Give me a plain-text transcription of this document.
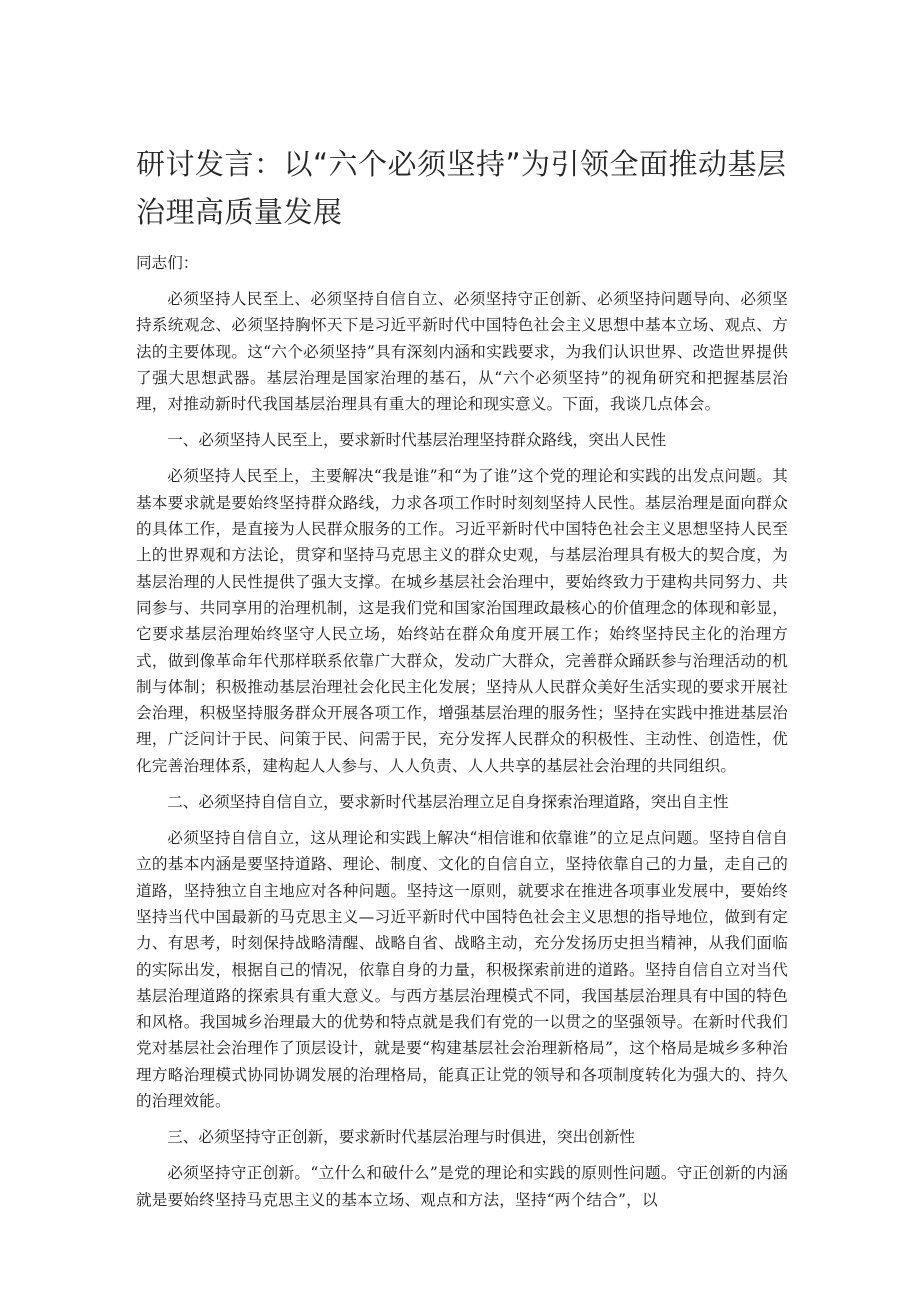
研讨发言：以“六个必须坚持”为引领全面推动基层治理高质量发展

同志们：

必须坚持人民至上、必须坚持自信自立、必须坚持守正创新、必须坚持问题导向、必须坚持系统观念、必须坚持胸怀天下是习近平新时代中国特色社会主义思想中基本立场、观点、方法的主要体现。这“六个必须坚持”具有深刻内涵和实践要求，为我们认识世界、改造世界提供了强大思想武器。基层治理是国家治理的基石，从“六个必须坚持”的视角研究和把握基层治理，对推动新时代我国基层治理具有重大的理论和现实意义。下面，我谈几点体会。

一、必须坚持人民至上，要求新时代基层治理坚持群众路线，突出人民性

必须坚持人民至上，主要解决“我是谁”和“为了谁”这个党的理论和实践的出发点问题。其基本要求就是要始终坚持群众路线，力求各项工作时时刻刻坚持人民性。基层治理是面向群众的具体工作，是直接为人民群众服务的工作。习近平新时代中国特色社会主义思想坚持人民至上的世界观和方法论，贯穿和坚持马克思主义的群众史观，与基层治理具有极大的契合度，为基层治理的人民性提供了强大支撑。在城乡基层社会治理中，要始终致力于建构共同努力、共同参与、共同享用的治理机制，这是我们党和国家治国理政最核心的价值理念的体现和彰显，它要求基层治理始终坚守人民立场，始终站在群众角度开展工作；始终坚持民主化的治理方式，做到像革命年代那样联系依靠广大群众，发动广大群众，完善群众踊跃参与治理活动的机制与体制；积极推动基层治理社会化民主化发展；坚持从人民群众美好生活实现的要求开展社会治理，积极坚持服务群众开展各项工作，增强基层治理的服务性；坚持在实践中推进基层治理，广泛问计于民、问策于民、问需于民，充分发挥人民群众的积极性、主动性、创造性，优化完善治理体系，建构起人人参与、人人负责、人人共享的基层社会治理的共同组织。

二、必须坚持自信自立，要求新时代基层治理立足自身探索治理道路，突出自主性

必须坚持自信自立，这从理论和实践上解决“相信谁和依靠谁”的立足点问题。坚持自信自立的基本内涵是要坚持道路、理论、制度、文化的自信自立，坚持依靠自己的力量，走自己的道路，坚持独立自主地应对各种问题。坚持这一原则，就要求在推进各项事业发展中，要始终坚持当代中国最新的马克思主义—习近平新时代中国特色社会主义思想的指导地位，做到有定力、有思考，时刻保持战略清醒、战略自省、战略主动，充分发扬历史担当精神，从我们面临的实际出发，根据自己的情况，依靠自身的力量，积极探索前进的道路。坚持自信自立对当代基层治理道路的探索具有重大意义。与西方基层治理模式不同，我国基层治理具有中国的特色和风格。我国城乡治理最大的优势和特点就是我们有党的一以贯之的坚强领导。在新时代我们党对基层社会治理作了顶层设计，就是要“构建基层社会治理新格局”，这个格局是城乡多种治理方略治理模式协同协调发展的治理格局，能真正让党的领导和各项制度转化为强大的、持久的治理效能。

三、必须坚持守正创新，要求新时代基层治理与时俱进，突出创新性

必须坚持守正创新。“立什么和破什么”是党的理论和实践的原则性问题。守正创新的内涵就是要始终坚持马克思主义的基本立场、观点和方法，坚持“两个结合”，以
